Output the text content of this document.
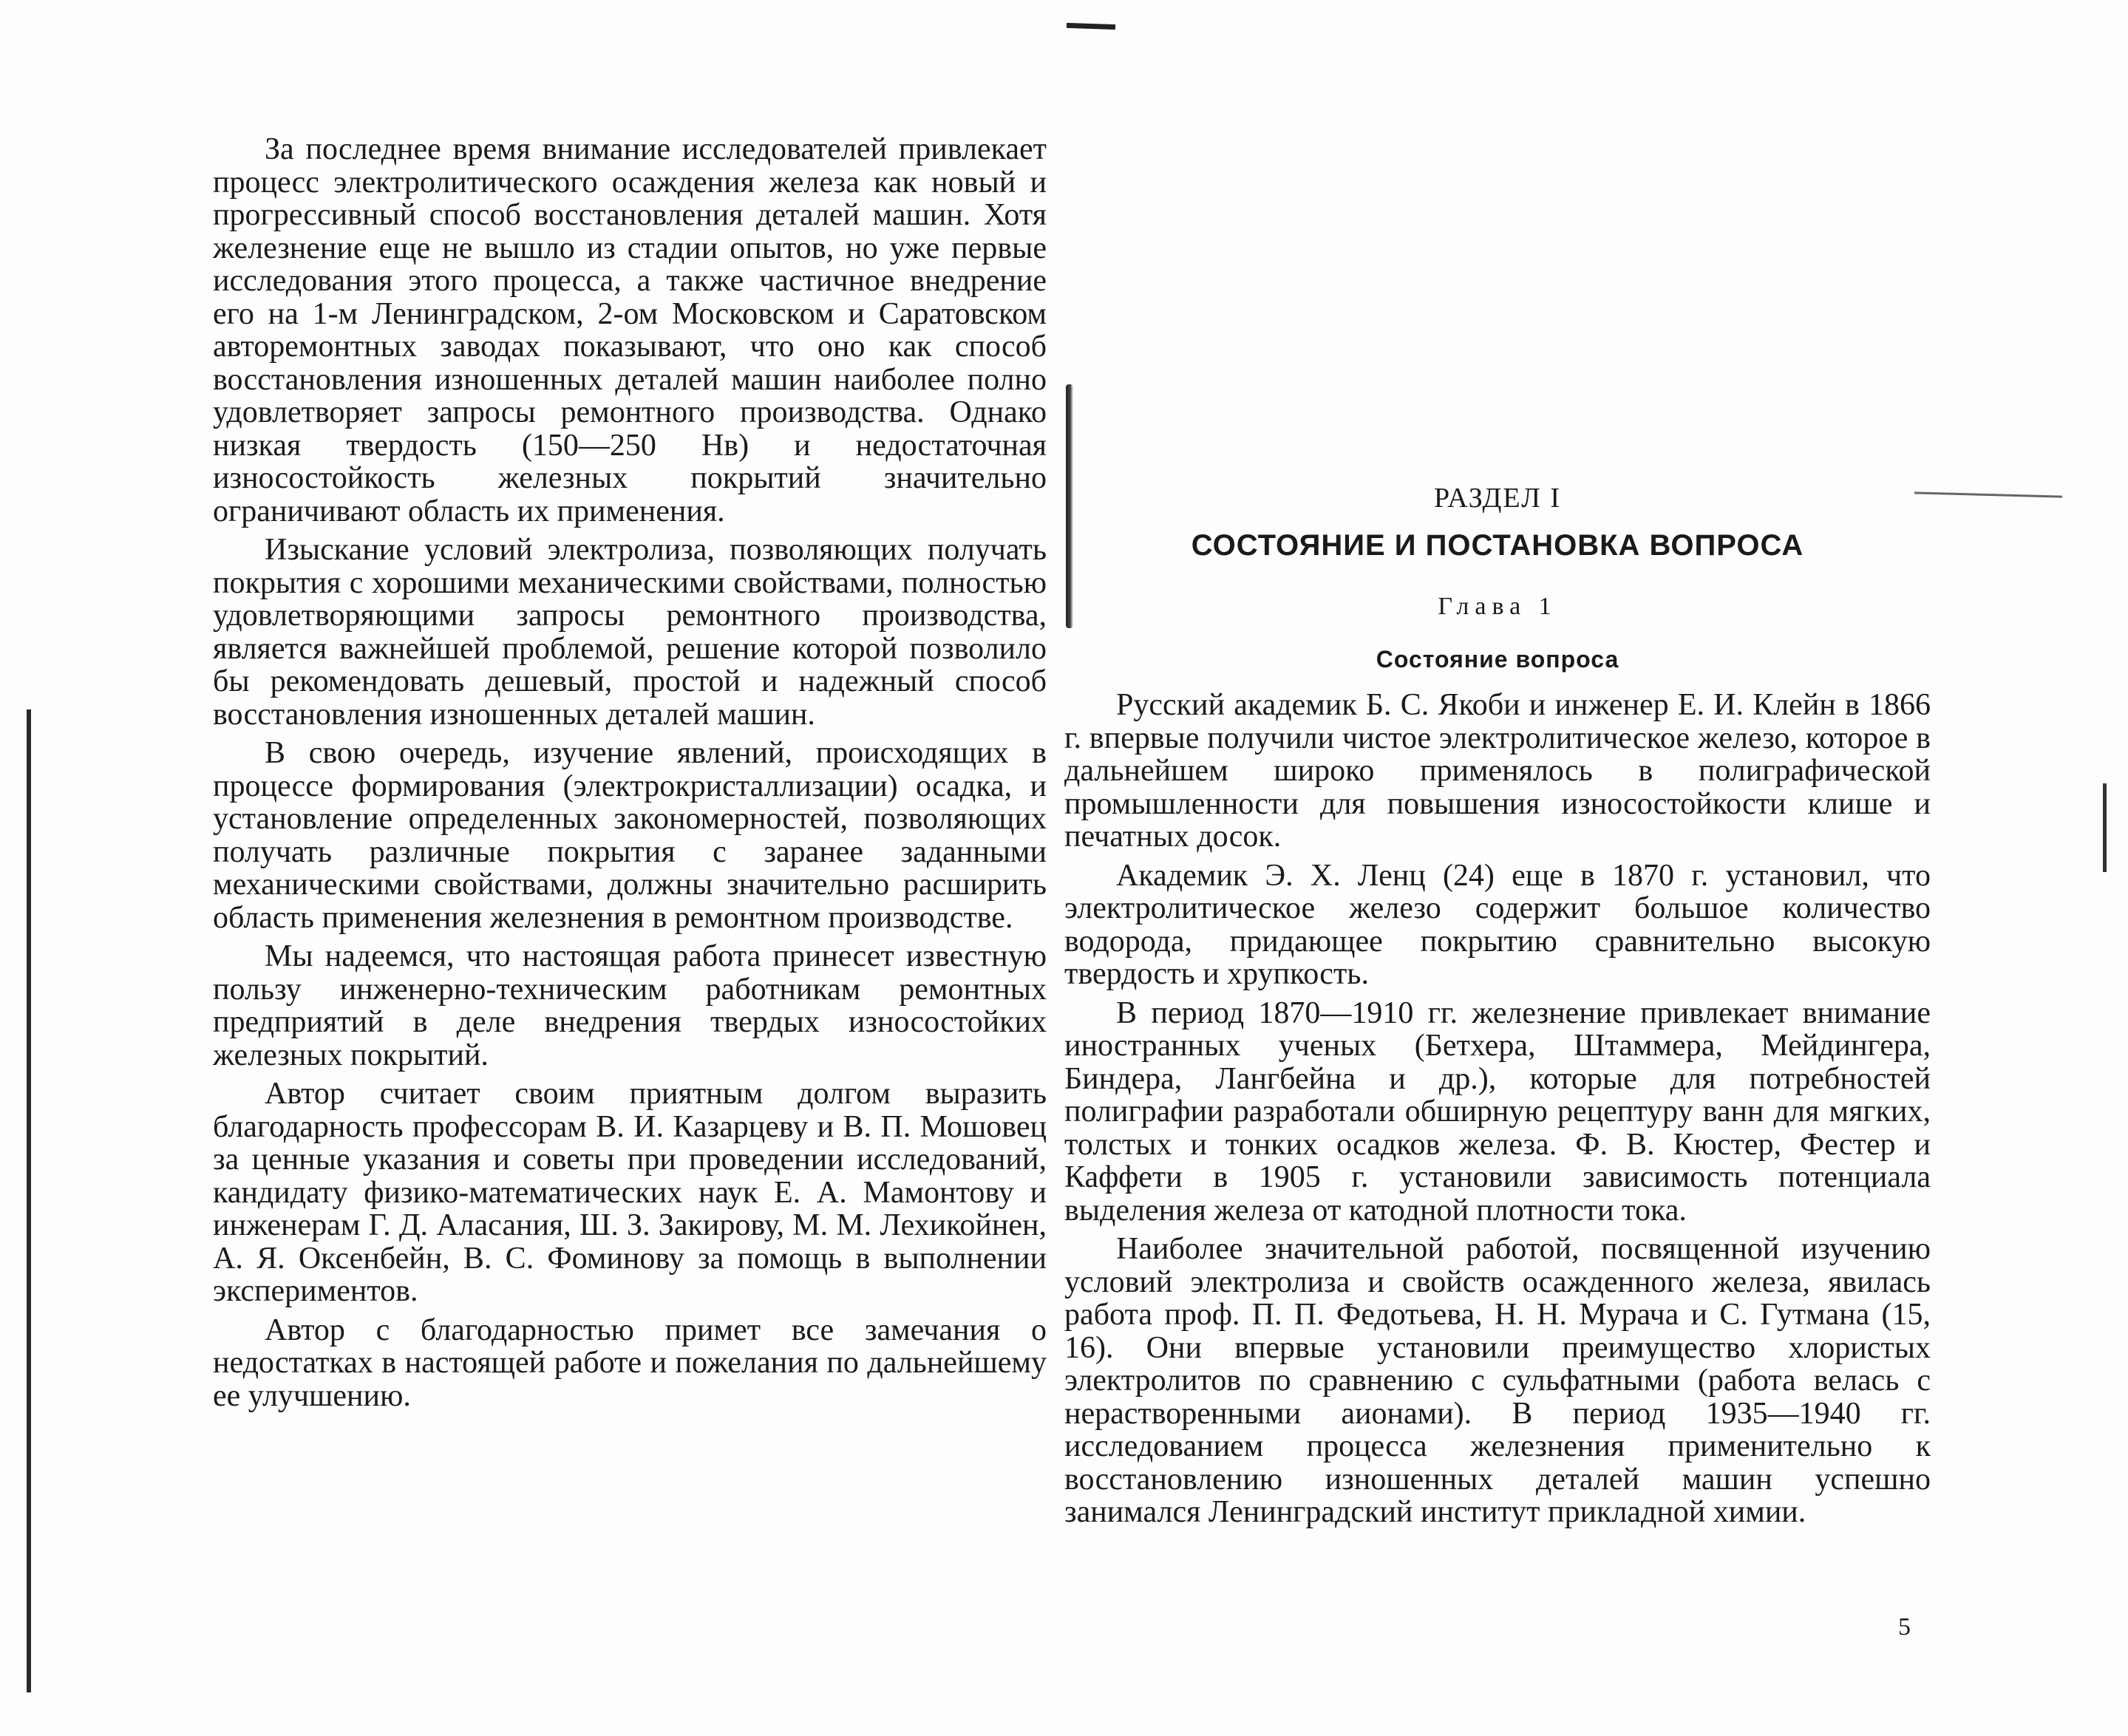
За последнее время внимание исследователей привлекает процесс электролитического осаждения железа как новый и прогрессивный способ восстановления деталей машин. Хотя железнение еще не вышло из стадии опытов, но уже первые исследования этого процесса, а также частичное внедрение его на 1-м Ленинградском, 2-ом Московском и Саратовском авторемонтных заводах показывают, что оно как способ восстановления изношенных деталей машин наиболее полно удовлетворяет запросы ремонтного производства. Однако низкая твердость (150—250 Нв) и недостаточная износостойкость железных покрытий значительно ограничивают область их применения.

Изыскание условий электролиза, позволяющих получать покрытия с хорошими механическими свойствами, полностью удовлетворяющими запросы ремонтного производства, является важнейшей проблемой, решение которой позволило бы рекомендовать дешевый, простой и надежный способ восстановления изношенных деталей машин.

В свою очередь, изучение явлений, происходящих в процессе формирования (электрокристаллизации) осадка, и установление определенных закономерностей, позволяющих получать различные покрытия с заранее заданными механическими свойствами, должны значительно расширить область применения железнения в ремонтном производстве.

Мы надеемся, что настоящая работа принесет известную пользу инженерно-техническим работникам ремонтных предприятий в деле внедрения твердых износостойких железных покрытий.

Автор считает своим приятным долгом выразить благодарность профессорам В. И. Казарцеву и В. П. Мошовец за ценные указания и советы при проведении исследований, кандидату физико-математических наук Е. А. Мамонтову и инженерам Г. Д. Аласания, Ш. З. Закирову, М. М. Лехикойнен, А. Я. Оксенбейн, В. С. Фоминову за помощь в выполнении экспериментов.

Автор с благодарностью примет все замечания о недостатках в настоящей работе и пожелания по дальнейшему ее улучшению.

РАЗДЕЛ I
СОСТОЯНИЕ И ПОСТАНОВКА ВОПРОСА
Глава 1
Состояние вопроса

Русский академик Б. С. Якоби и инженер Е. И. Клейн в 1866 г. впервые получили чистое электролитическое железо, которое в дальнейшем широко применялось в полиграфической промышленности для повышения износостойкости клише и печатных досок.

Академик Э. Х. Ленц (24) еще в 1870 г. установил, что электролитическое железо содержит большое количество водорода, придающее покрытию сравнительно высокую твердость и хрупкость.

В период 1870—1910 гг. железнение привлекает внимание иностранных ученых (Бетхера, Штаммера, Мейдингера, Биндера, Лангбейна и др.), которые для потребностей полиграфии разработали обширную рецептуру ванн для мягких, толстых и тонких осадков железа. Ф. В. Кюстер, Фестер и Каффети в 1905 г. установили зависимость потенциала выделения железа от катодной плотности тока.

Наиболее значительной работой, посвященной изучению условий электролиза и свойств осажденного железа, явилась работа проф. П. П. Федотьева, Н. Н. Мурача и С. Гутмана (15, 16). Они впервые установили преимущество хлористых электролитов по сравнению с сульфатными (работа велась с нерастворенными аионами). В период 1935—1940 гг. исследованием процесса железнения применительно к восстановлению изношенных деталей машин успешно занимался Ленинградский институт прикладной химии.

5
